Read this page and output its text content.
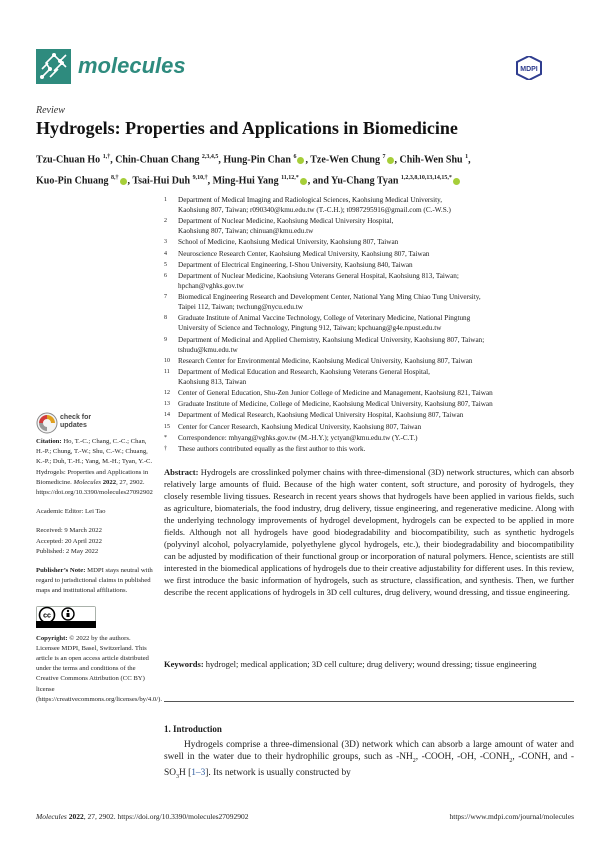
molecules	MDPI
Review
Hydrogels: Properties and Applications in Biomedicine
Tzu-Chuan Ho $^{1,\dagger}$, Chin-Chuan Chang $^{2,3,4,5}$, Hung-Pin Chan $^6$ , Tze-Wen Chung $^7$ , Chih-Wen Shu $^1$,
Kuo-Pin Chuang $^{8,\dagger}$ , Tsai-Hui Duh $^{9,10,\dagger}$, Ming-Hui Yang $^{11,12,*}$ , and Yu-Chang Tyan $^{1,2,3,8,10,13,14,15,*}$
1	Department of Medical Imaging and Radiological Sciences, Kaohsiung Medical University,
Kaohsiung 807, Taiwan; r090340@kmu.edu.tw (T.-C.H.); t0987295916@gmail.com (C.-W.S.)
2	Department of Nuclear Medicine, Kaohsiung Medical University Hospital,
Kaohsiung 807, Taiwan; chinuan@kmu.edu.tw
3	School of Medicine, Kaohsiung Medical University, Kaohsiung 807, Taiwan
4	Neuroscience Research Center, Kaohsiung Medical University, Kaohsiung 807, Taiwan
5	Department of Electrical Engineering, I-Shou University, Kaohsiung 840, Taiwan
6	Department of Nuclear Medicine, Kaohsiung Veterans General Hospital, Kaohsiung 813, Taiwan;
hpchan@vghks.gov.tw
7	Biomedical Engineering Research and Development Center, National Yang Ming Chiao Tung University,
Taipei 112, Taiwan; twchung@nycu.edu.tw
8	Graduate Institute of Animal Vaccine Technology, College of Veterinary Medicine, National Pingtung
University of Science and Technology, Pingtung 912, Taiwan; kpchuang@g4e.npust.edu.tw
9	Department of Medicinal and Applied Chemistry, Kaohsiung Medical University, Kaohsiung 807, Taiwan;
tshudu@kmu.edu.tw
10	Research Center for Environmental Medicine, Kaohsiung Medical University, Kaohsiung 807, Taiwan
11	Department of Medical Education and Research, Kaohsiung Veterans General Hospital,
Kaohsiung 813, Taiwan
12	Center of General Education, Shu-Zen Junior College of Medicine and Management, Kaohsiung 821, Taiwan
13	Graduate Institute of Medicine, College of Medicine, Kaohsiung Medical University, Kaohsiung 807, Taiwan
14	Department of Medical Research, Kaohsiung Medical University Hospital, Kaohsiung 807, Taiwan
15	Center for Cancer Research, Kaohsiung Medical University, Kaohsiung 807, Taiwan
*	Correspondence: mhyang@vghks.gov.tw (M.-H.Y.); yctyan@kmu.edu.tw (Y.-C.T.)
†	These authors contributed equally as the first author to this work.
check for
updates

Citation: Ho, T.-C.; Chang, C.-C.; Chan, H.-P.; Chung, T.-W.; Shu, C.-W.; Chuang, K.-P.; Duh, T.-H.; Yang, M.-H.; Tyan, Y.-C. Hydrogels: Properties and Applications in Biomedicine. Molecules 2022, 27, 2902. https://doi.org/10.3390/molecules27092902

Academic Editor: Lei Tao

Received: 9 March 2022
Accepted: 20 April 2022
Published: 2 May 2022

Publisher’s Note: MDPI stays neutral with regard to jurisdictional claims in published maps and institutional affiliations.

cc

Copyright: © 2022 by the authors. Licensee MDPI, Basel, Switzerland. This article is an open access article distributed under the terms and conditions of the Creative Commons Attribution (CC BY) license (https://creativecommons.org/licenses/by/4.0/).

Abstract: Hydrogels are crosslinked polymer chains with three-dimensional (3D) network structures, which can absorb relatively large amounts of fluid. Because of the high water content, soft structure, and porosity of hydrogels, they closely resemble living tissues. Research in recent years shows that hydrogels have been applied in various fields, such as agriculture, biomaterials, the food industry, drug delivery, tissue engineering, and regenerative medicine. Along with the underlying technology improvements of hydrogel development, hydrogels can be expected to be applied in more fields. Although not all hydrogels have good biodegradability and biocompatibility, such as synthetic hydrogels (polyvinyl alcohol, polyacrylamide, polyethylene glycol hydrogels, etc.), their biodegradability and biocompatibility can be adjusted by modification of their functional group or incorporation of natural polymers. Hence, scientists are still interested in the biomedical applications of hydrogels due to their creative adjustability for different uses. In this review, we first introduce the basic information of hydrogels, such as structure, classification, and synthesis. Then, we further describe the recent applications of hydrogels in 3D cell cultures, drug delivery, wound dressing, and tissue engineering.
Keywords: hydrogel; medical application; 3D cell culture; drug delivery; wound dressing; tissue engineering
1. Introduction
Hydrogels comprise a three-dimensional (3D) network which can absorb a large amount of water and swell in the water due to their hydrophilic groups, such as $-NH_2$, -COOH, -OH, $-CONH_2$, -CONH, and $-SO_3H$ [1–3]. Its network is usually constructed by
Molecules 2022, 27, 2902. https://doi.org/10.3390/molecules27092902	https://www.mdpi.com/journal/molecules
